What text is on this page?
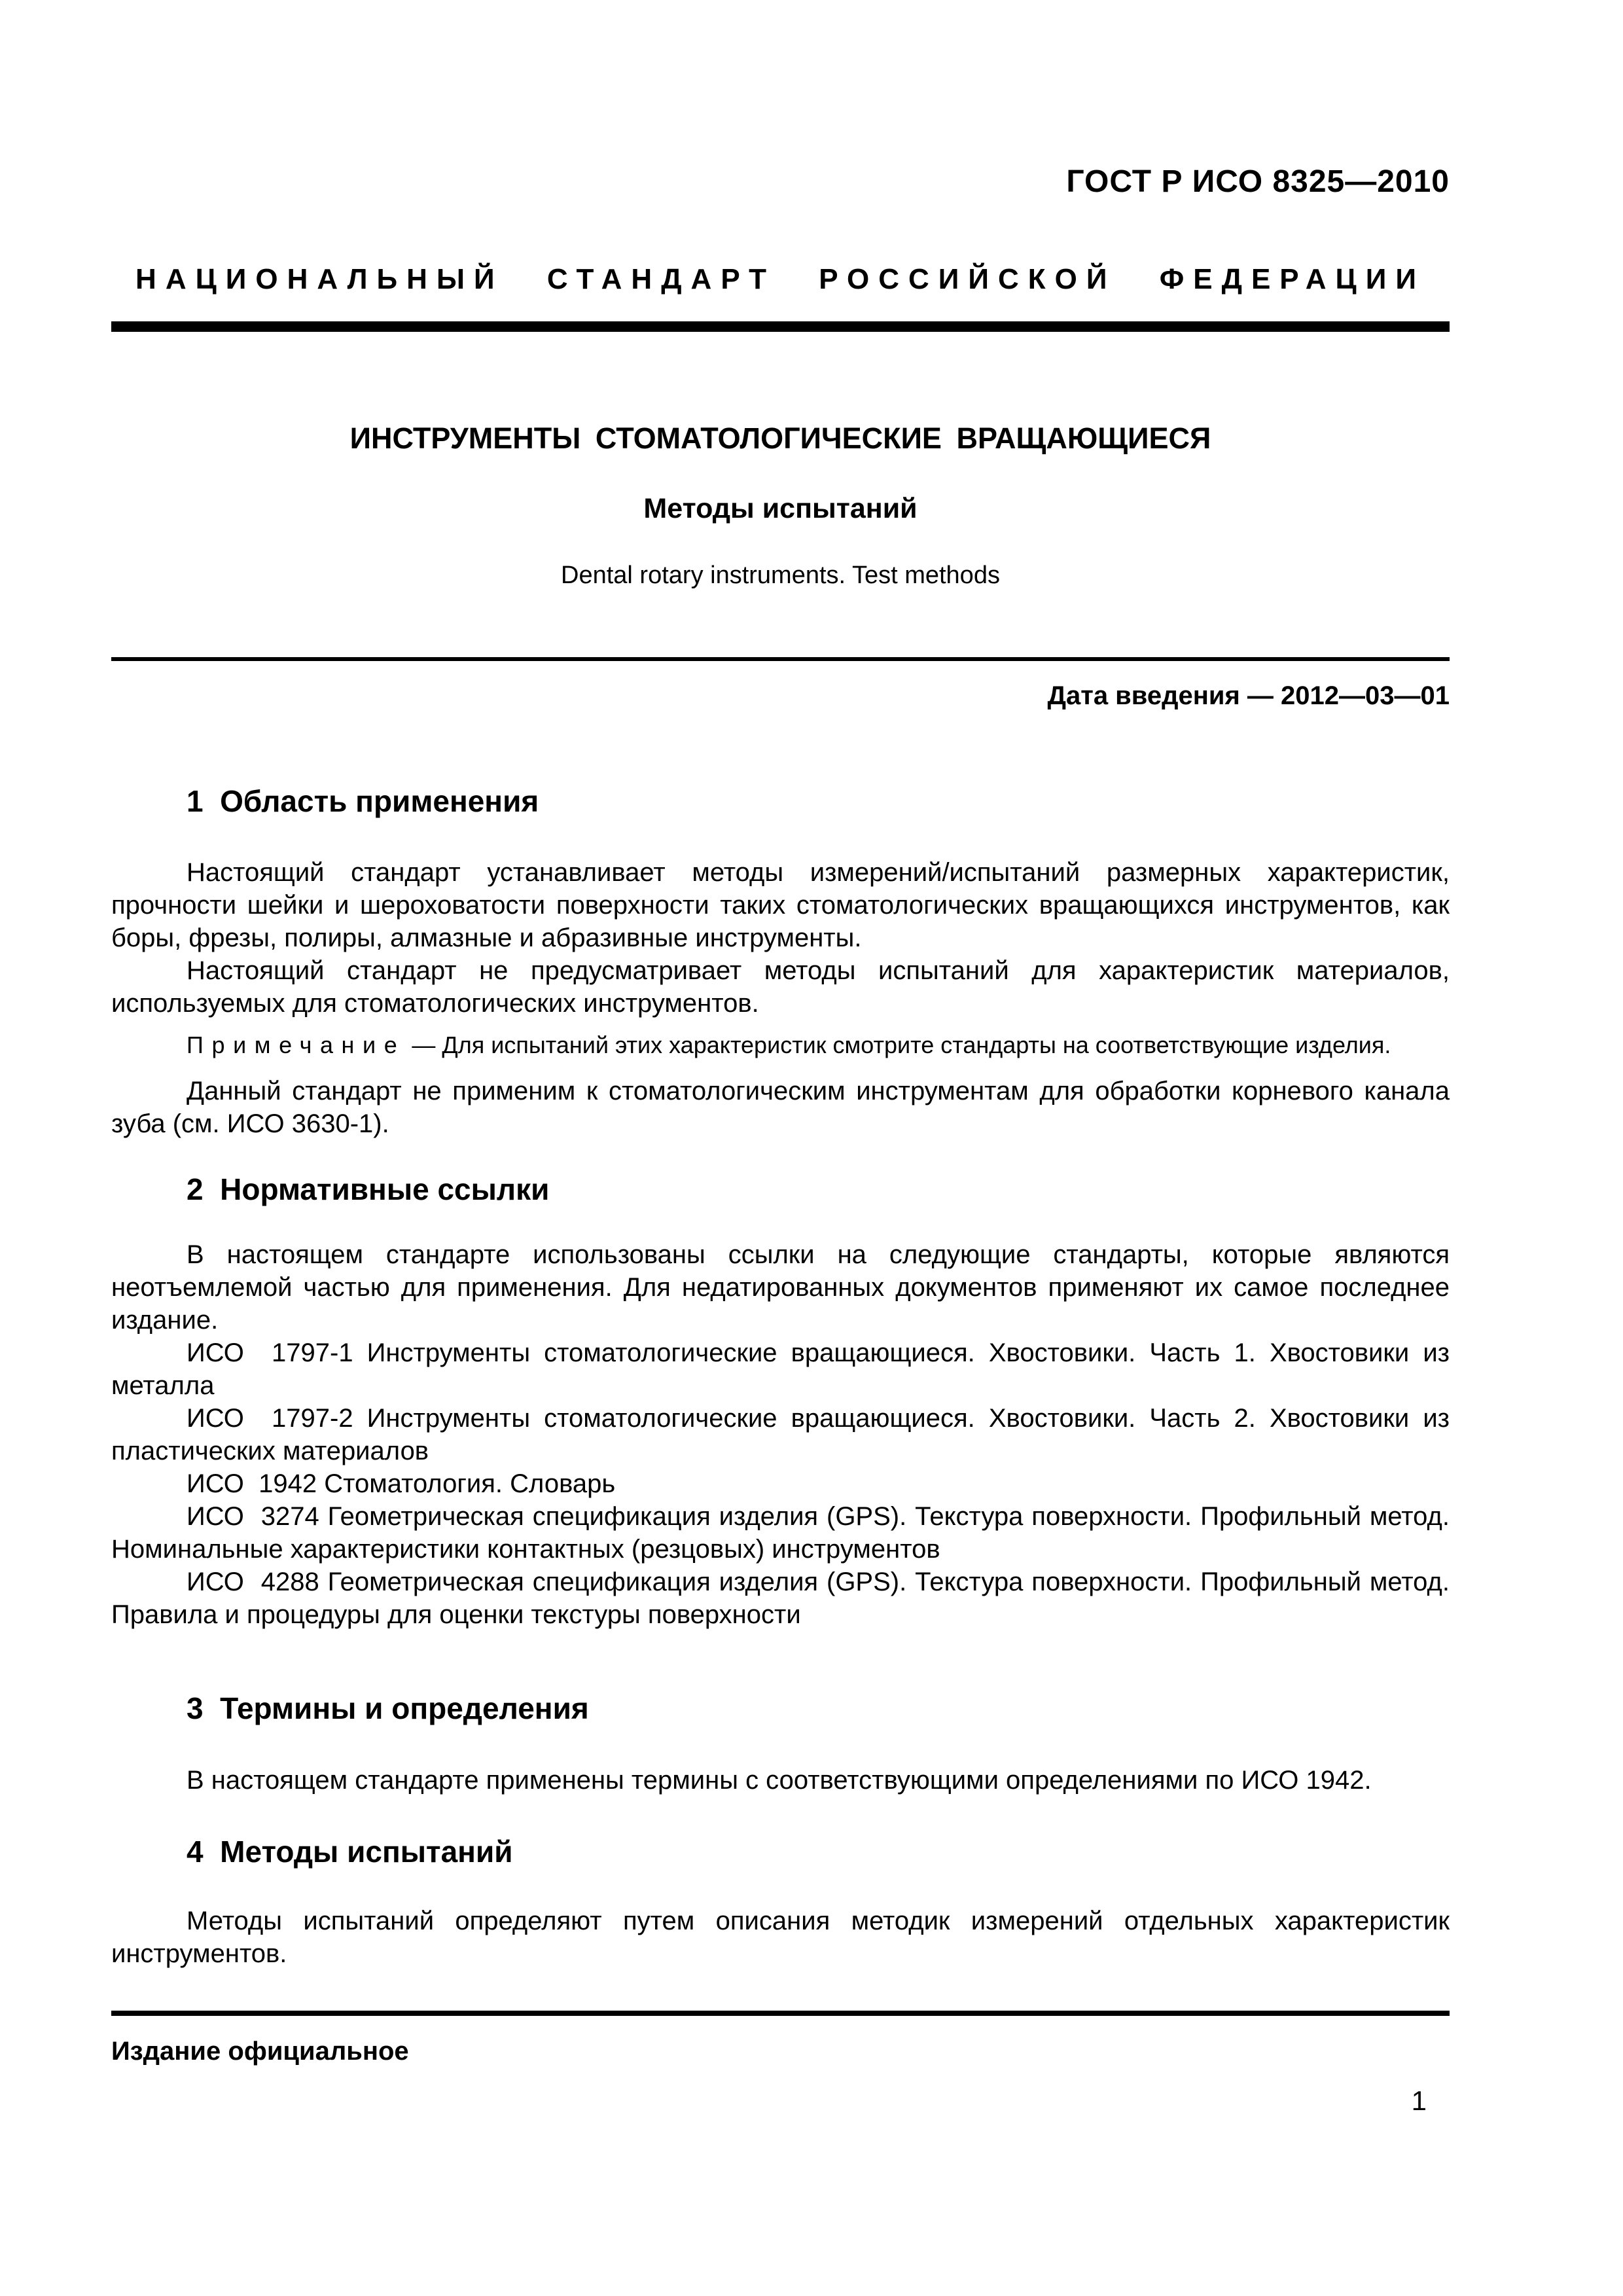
ГОСТ Р ИСО 8325—2010
НАЦИОНАЛЬНЫЙ СТАНДАРТ РОССИЙСКОЙ ФЕДЕРАЦИИ
ИНСТРУМЕНТЫ СТОМАТОЛОГИЧЕСКИЕ ВРАЩАЮЩИЕСЯ
Методы испытаний
Dental rotary instruments. Test methods
Дата введения — 2012—03—01
1  Область применения

Настоящий стандарт устанавливает методы измерений/испытаний размерных характеристик, прочности шейки и шероховатости поверхности таких стоматологических вращающихся инструментов, как боры, фрезы, полиры, алмазные и абразивные инструменты.

Настоящий стандарт не предусматривает методы испытаний для характеристик материалов, используемых для стоматологических инструментов.

Примечание — Для испытаний этих характеристик смотрите стандарты на соответствующие изделия.

Данный стандарт не применим к стоматологическим инструментам для обработки корневого канала зуба (см. ИСО 3630-1).

2  Нормативные ссылки

В настоящем стандарте использованы ссылки на следующие стандарты, которые являются неотъемлемой частью для применения. Для недатированных документов применяют их самое последнее издание.

ИСО  1797-1 Инструменты стоматологические вращающиеся. Хвостовики. Часть 1. Хвостовики из металла

ИСО  1797-2 Инструменты стоматологические вращающиеся. Хвостовики. Часть 2. Хвостовики из пластических материалов

ИСО  1942 Стоматология. Словарь

ИСО  3274 Геометрическая спецификация изделия (GPS). Текстура поверхности. Профильный метод. Номинальные характеристики контактных (резцовых) инструментов

ИСО  4288 Геометрическая спецификация изделия (GPS). Текстура поверхности. Профильный метод. Правила и процедуры для оценки текстуры поверхности

3  Термины и определения

В настоящем стандарте применены термины с соответствующими определениями по ИСО 1942.

4  Методы испытаний

Методы испытаний определяют путем описания методик измерений отдельных характеристик инструментов.

Издание официальное
1
